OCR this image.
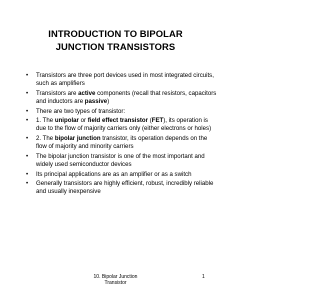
INTRODUCTION TO BIPOLAR
JUNCTION TRANSISTORS
• Transistors are three port devices used in most integrated circuits, such as amplifiers
• Transistors are active components (recall that resistors, capacitors and inductors are passive)
• There are two types of transistor:
• 1. The unipolar or field effect transistor (FET), its operation is due to the flow of majority carriers only (either electrons or holes)
• 2. The bipolar junction transistor, its operation depends on the flow of majority and minority carriers
• The bipolar junction transistor is one of the most important and widely used semiconductor devices
• Its principal applications are as an amplifier or as a switch
• Generally transistors are highly efficient, robust, incredibly reliable and usually inexpensive
10. Bipolar Junction
Transistor
1
